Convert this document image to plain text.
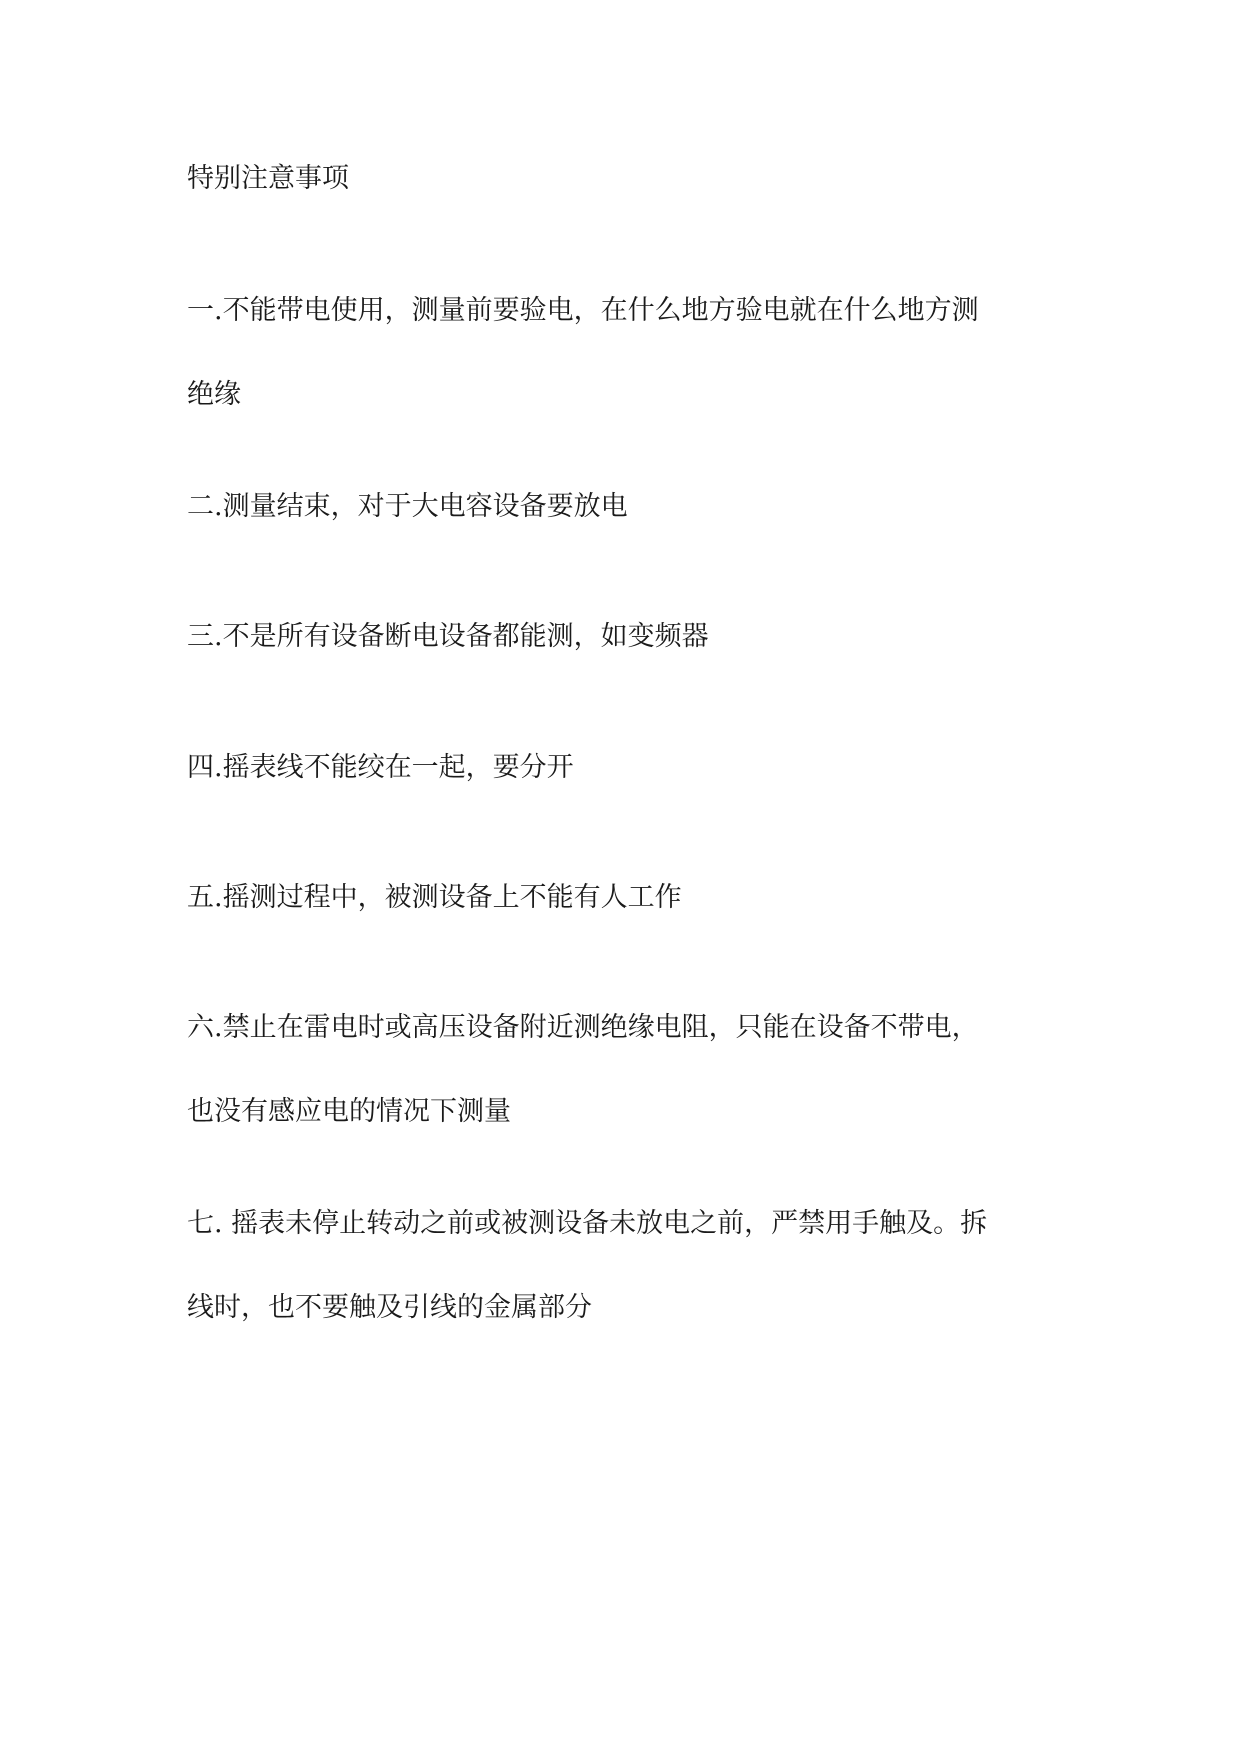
特别注意事项
一.不能带电使用，测量前要验电，在什么地方验电就在什么地方测
绝缘
二.测量结束，对于大电容设备要放电
三.不是所有设备断电设备都能测，如变频器
四.摇表线不能绞在一起，要分开
五.摇测过程中，被测设备上不能有人工作
六.禁止在雷电时或高压设备附近测绝缘电阻，只能在设备不带电，
也没有感应电的情况下测量
七. 摇表未停止转动之前或被测设备未放电之前，严禁用手触及。拆
线时，也不要触及引线的金属部分
